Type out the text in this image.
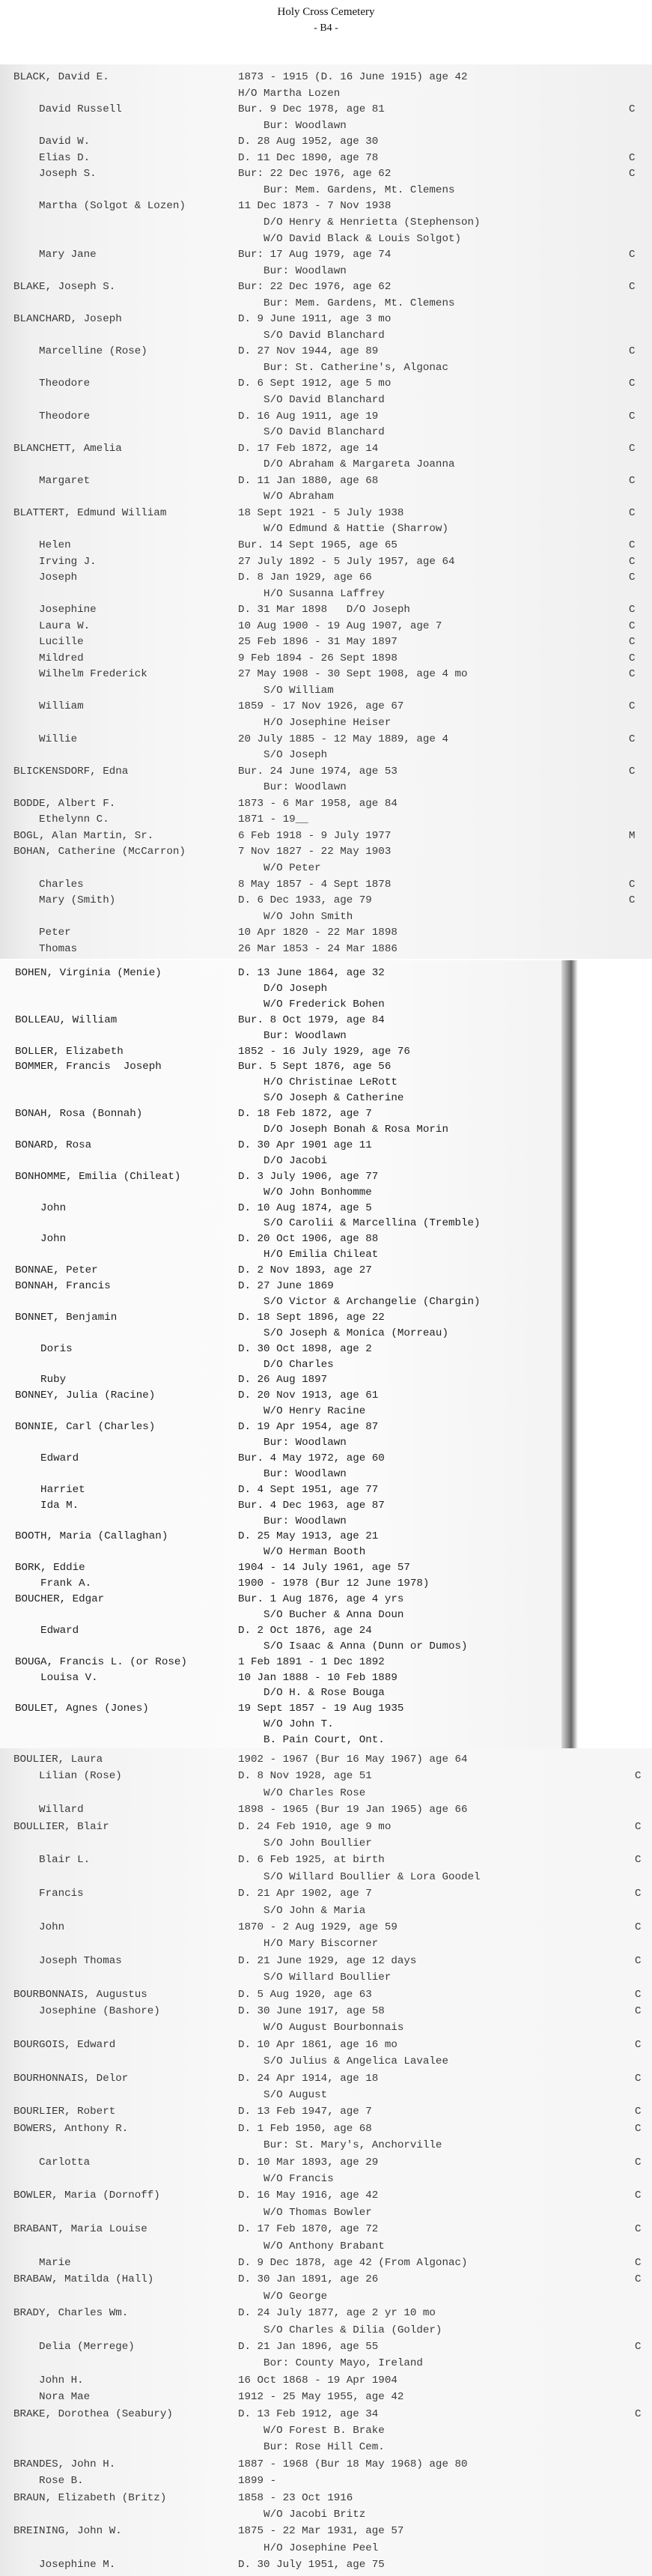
Holy Cross Cemetery
- B4 -
BLACK, David E.	1873 - 1915 (D. 16 June 1915) age 42
H/O Martha Lozen
David Russell	Bur. 9 Dec 1978, age 81	C
Bur: Woodlawn
David W.	D. 28 Aug 1952, age 30
Elias D.	D. 11 Dec 1890, age 78	C
Joseph S.	Bur: 22 Dec 1976, age 62	C
Bur: Mem. Gardens, Mt. Clemens
Martha (Solgot & Lozen)	11 Dec 1873 - 7 Nov 1938
D/O Henry & Henrietta (Stephenson)
W/O David Black & Louis Solgot)
Mary Jane	Bur: 17 Aug 1979, age 74	C
Bur: Woodlawn
BLAKE, Joseph S.	Bur: 22 Dec 1976, age 62	C
Bur: Mem. Gardens, Mt. Clemens
BLANCHARD, Joseph	D. 9 June 1911, age 3 mo
S/O David Blanchard
Marcelline (Rose)	D. 27 Nov 1944, age 89	C
Bur: St. Catherine's, Algonac
Theodore	D. 6 Sept 1912, age 5 mo	C
S/O David Blanchard
Theodore	D. 16 Aug 1911, age 19	C
S/O David Blanchard
BLANCHETT, Amelia	D. 17 Feb 1872, age 14	C
D/O Abraham & Margareta Joanna
Margaret	D. 11 Jan 1880, age 68	C
W/O Abraham
BLATTERT, Edmund William	18 Sept 1921 - 5 July 1938	C
W/O Edmund & Hattie (Sharrow)
Helen	Bur. 14 Sept 1965, age 65	C
Irving J.	27 July 1892 - 5 July 1957, age 64	C
Joseph	D. 8 Jan 1929, age 66	C
H/O Susanna Laffrey
Josephine	D. 31 Mar 1898   D/O Joseph	C
Laura W.	10 Aug 1900 - 19 Aug 1907, age 7	C
Lucille	25 Feb 1896 - 31 May 1897	C
Mildred	9 Feb 1894 - 26 Sept 1898	C
Wilhelm Frederick	27 May 1908 - 30 Sept 1908, age 4 mo	C
S/O William
William	1859 - 17 Nov 1926, age 67	C
H/O Josephine Heiser
Willie	20 July 1885 - 12 May 1889, age 4	C
S/O Joseph
BLICKENSDORF, Edna	Bur. 24 June 1974, age 53	C
Bur: Woodlawn
BODDE, Albert F.	1873 - 6 Mar 1958, age 84
Ethelynn C.	1871 - 19__
BOGL, Alan Martin, Sr.	6 Feb 1918 - 9 July 1977	M
BOHAN, Catherine (McCarron)	7 Nov 1827 - 22 May 1903
W/O Peter
Charles	8 May 1857 - 4 Sept 1878	C
Mary (Smith)	D. 6 Dec 1933, age 79	C
W/O John Smith
Peter	10 Apr 1820 - 22 Mar 1898
Thomas	26 Mar 1853 - 24 Mar 1886
BOHEN, Virginia (Menie)	D. 13 June 1864, age 32
D/O Joseph
W/O Frederick Bohen
BOLLEAU, William	Bur. 8 Oct 1979, age 84
Bur: Woodlawn
BOLLER, Elizabeth	1852 - 16 July 1929, age 76
BOMMER, Francis  Joseph	Bur. 5 Sept 1876, age 56
H/O Christinae LeRott
S/O Joseph & Catherine
BONAH, Rosa (Bonnah)	D. 18 Feb 1872, age 7
D/O Joseph Bonah & Rosa Morin
BONARD, Rosa	D. 30 Apr 1901 age 11
D/O Jacobi
BONHOMME, Emilia (Chileat)	D. 3 July 1906, age 77
W/O John Bonhomme
John	D. 10 Aug 1874, age 5
S/O Carolii & Marcellina (Tremble)
John	D. 20 Oct 1906, age 88
H/O Emilia Chileat
BONNAE, Peter	D. 2 Nov 1893, age 27
BONNAH, Francis	D. 27 June 1869
S/O Victor & Archangelie (Chargin)
BONNET, Benjamin	D. 18 Sept 1896, age 22
S/O Joseph & Monica (Morreau)
Doris	D. 30 Oct 1898, age 2
D/O Charles
Ruby	D. 26 Aug 1897
BONNEY, Julia (Racine)	D. 20 Nov 1913, age 61
W/O Henry Racine
BONNIE, Carl (Charles)	D. 19 Apr 1954, age 87
Bur: Woodlawn
Edward	Bur. 4 May 1972, age 60
Bur: Woodlawn
Harriet	D. 4 Sept 1951, age 77
Ida M.	Bur. 4 Dec 1963, age 87
Bur: Woodlawn
BOOTH, Maria (Callaghan)	D. 25 May 1913, age 21
W/O Herman Booth
BORK, Eddie	1904 - 14 July 1961, age 57
Frank A.	1900 - 1978 (Bur 12 June 1978)
BOUCHER, Edgar	Bur. 1 Aug 1876, age 4 yrs
S/O Bucher & Anna Doun
Edward	D. 2 Oct 1876, age 24
S/O Isaac & Anna (Dunn or Dumos)
BOUGA, Francis L. (or Rose)	1 Feb 1891 - 1 Dec 1892
Louisa V.	10 Jan 1888 - 10 Feb 1889
D/O H. & Rose Bouga
BOULET, Agnes (Jones)	19 Sept 1857 - 19 Aug 1935
W/O John T.
B. Pain Court, Ont.
BOULIER, Laura	1902 - 1967 (Bur 16 May 1967) age 64
Lilian (Rose)	D. 8 Nov 1928, age 51	C
W/O Charles Rose
Willard	1898 - 1965 (Bur 19 Jan 1965) age 66
BOULLIER, Blair	D. 24 Feb 1910, age 9 mo	C
S/O John Boullier
Blair L.	D. 6 Feb 1925, at birth	C
S/O Willard Boullier & Lora Goodel
Francis	D. 21 Apr 1902, age 7	C
S/O John & Maria
John	1870 - 2 Aug 1929, age 59	C
H/O Mary Biscorner
Joseph Thomas	D. 21 June 1929, age 12 days	C
S/O Willard Boullier
BOURBONNAIS, Augustus	D. 5 Aug 1920, age 63	C
Josephine (Bashore)	D. 30 June 1917, age 58	C
W/O August Bourbonnais
BOURGOIS, Edward	D. 10 Apr 1861, age 16 mo	C
S/O Julius & Angelica Lavalee
BOURHONNAIS, Delor	D. 24 Apr 1914, age 18	C
S/O August
BOURLIER, Robert	D. 13 Feb 1947, age 7	C
BOWERS, Anthony R.	D. 1 Feb 1950, age 68	C
Bur: St. Mary's, Anchorville
Carlotta	D. 10 Mar 1893, age 29	C
W/O Francis
BOWLER, Maria (Dornoff)	D. 16 May 1916, age 42	C
W/O Thomas Bowler
BRABANT, Maria Louise	D. 17 Feb 1870, age 72	C
W/O Anthony Brabant
Marie	D. 9 Dec 1878, age 42 (From Algonac)	C
BRABAW, Matilda (Hall)	D. 30 Jan 1891, age 26	C
W/O George
BRADY, Charles Wm.	D. 24 July 1877, age 2 yr 10 mo
S/O Charles & Dilia (Golder)
Delia (Merrege)	D. 21 Jan 1896, age 55	C
Bor: County Mayo, Ireland
John H.	16 Oct 1868 - 19 Apr 1904
Nora Mae	1912 - 25 May 1955, age 42
BRAKE, Dorothea (Seabury)	D. 13 Feb 1912, age 34	C
W/O Forest B. Brake
Bur: Rose Hill Cem.
BRANDES, John H.	1887 - 1968 (Bur 18 May 1968) age 80
Rose B.	1899 -
BRAUN, Elizabeth (Britz)	1858 - 23 Oct 1916
W/O Jacobi Britz
BREINING, John W.	1875 - 22 Mar 1931, age 57
H/O Josephine Peel
Josephine M.	D. 30 July 1951, age 75
